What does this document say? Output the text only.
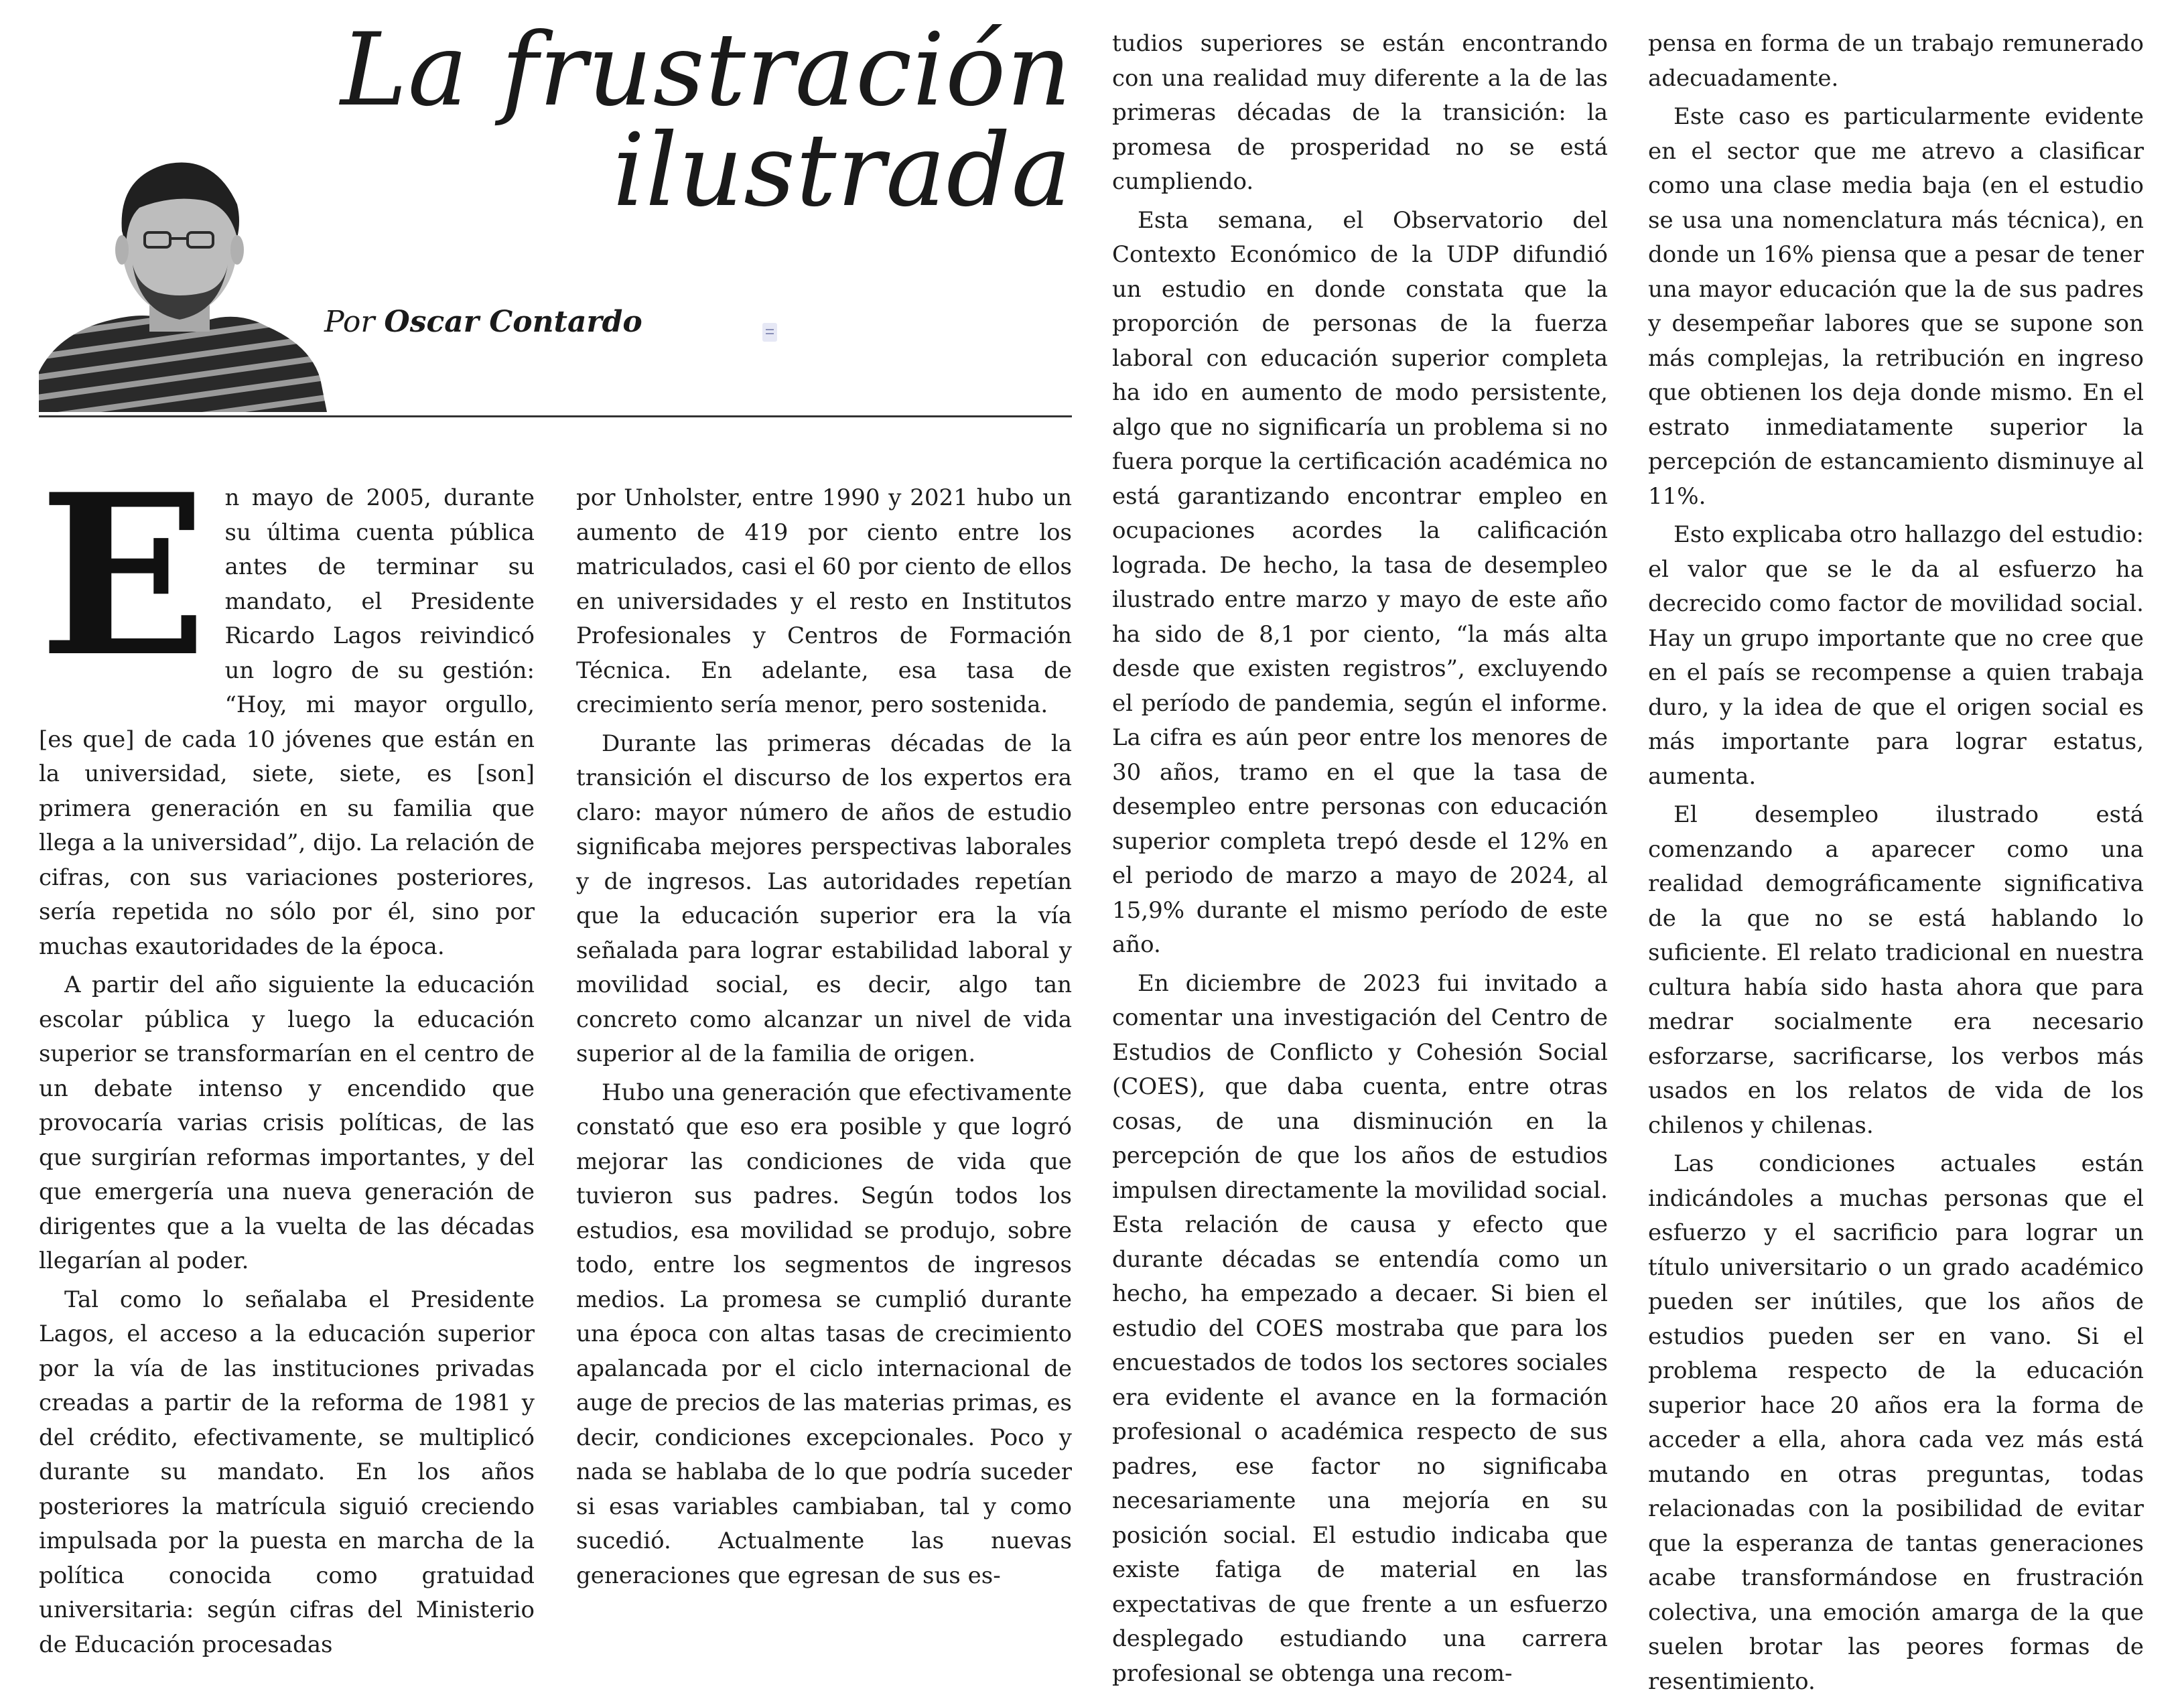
La frustración
ilustrada
Por Oscar Contardo
E n mayo de 2005, durante su última cuenta pública antes de terminar su mandato, el Presidente Ricardo Lagos reivindicó un logro de su gestión: “Hoy, mi mayor orgullo, [es que] de cada 10 jóvenes que están en la universidad, siete, siete, es [son] primera generación en su familia que llega a la universidad”, dijo. La relación de cifras, con sus variaciones posteriores, sería repetida no sólo por él, sino por muchas exautoridades de la época.

A partir del año siguiente la educación escolar pública y luego la educación superior se transformarían en el centro de un debate intenso y encendido que provocaría varias crisis políticas, de las que surgirían reformas importantes, y del que emergería una nueva generación de dirigentes que a la vuelta de las décadas llegarían al poder.

Tal como lo señalaba el Presidente Lagos, el acceso a la educación superior por la vía de las instituciones privadas creadas a partir de la reforma de 1981 y del crédito, efectivamente, se multiplicó durante su mandato. En los años posteriores la matrícula siguió creciendo impulsada por la puesta en marcha de la política conocida como gratuidad universitaria: según cifras del Ministerio de Educación procesadas

por Unholster, entre 1990 y 2021 hubo un aumento de 419 por ciento entre los matriculados, casi el 60 por ciento de ellos en universidades y el resto en Institutos Profesionales y Centros de Formación Técnica. En adelante, esa tasa de crecimiento sería menor, pero sostenida.

Durante las primeras décadas de la transición el discurso de los expertos era claro: mayor número de años de estudio significaba mejores perspectivas laborales y de ingresos. Las autoridades repetían que la educación superior era la vía señalada para lograr estabilidad laboral y movilidad social, es decir, algo tan concreto como alcanzar un nivel de vida superior al de la familia de origen.

Hubo una generación que efectivamente constató que eso era posible y que logró mejorar las condiciones de vida que tuvieron sus padres. Según todos los estudios, esa movilidad se produjo, sobre todo, entre los segmentos de ingresos medios. La promesa se cumplió durante una época con altas tasas de crecimiento apalancada por el ciclo internacional de auge de precios de las materias primas, es decir, condiciones excepcionales. Poco y nada se hablaba de lo que podría suceder si esas variables cambiaban, tal y como sucedió. Actualmente las nuevas generaciones que egresan de sus es-

tudios superiores se están encontrando con una realidad muy diferente a la de las primeras décadas de la transición: la promesa de prosperidad no se está cumpliendo.

Esta semana, el Observatorio del Contexto Económico de la UDP difundió un estudio en donde constata que la proporción de personas de la fuerza laboral con educación superior completa ha ido en aumento de modo persistente, algo que no significaría un problema si no fuera porque la certificación académica no está garantizando encontrar empleo en ocupaciones acordes la calificación lograda. De hecho, la tasa de desempleo ilustrado entre marzo y mayo de este año ha sido de 8,1 por ciento, “la más alta desde que existen registros”, excluyendo el período de pandemia, según el informe. La cifra es aún peor entre los menores de 30 años, tramo en el que la tasa de desempleo entre personas con educación superior completa trepó desde el 12% en el periodo de marzo a mayo de 2024, al 15,9% durante el mismo período de este año.

En diciembre de 2023 fui invitado a comentar una investigación del Centro de Estudios de Conflicto y Cohesión Social (COES), que daba cuenta, entre otras cosas, de una disminución en la percepción de que los años de estudios impulsen directamente la movilidad social. Esta relación de causa y efecto que durante décadas se entendía como un hecho, ha empezado a decaer. Si bien el estudio del COES mostraba que para los encuestados de todos los sectores sociales era evidente el avance en la formación profesional o académica respecto de sus padres, ese factor no significaba necesariamente una mejoría en su posición social. El estudio indicaba que existe fatiga de material en las expectativas de que frente a un esfuerzo desplegado estudiando una carrera profesional se obtenga una recom-

pensa en forma de un trabajo remunerado adecuadamente.

Este caso es particularmente evidente en el sector que me atrevo a clasificar como una clase media baja (en el estudio se usa una nomenclatura más técnica), en donde un 16% piensa que a pesar de tener una mayor educación que la de sus padres y desempeñar labores que se supone son más complejas, la retribución en ingreso que obtienen los deja donde mismo. En el estrato inmediatamente superior la percepción de estancamiento disminuye al 11%.

Esto explicaba otro hallazgo del estudio: el valor que se le da al esfuerzo ha decrecido como factor de movilidad social. Hay un grupo importante que no cree que en el país se recompense a quien trabaja duro, y la idea de que el origen social es más importante para lograr estatus, aumenta.

El desempleo ilustrado está comenzando a aparecer como una realidad demográficamente significativa de la que no se está hablando lo suficiente. El relato tradicional en nuestra cultura había sido hasta ahora que para medrar socialmente era necesario esforzarse, sacrificarse, los verbos más usados en los relatos de vida de los chilenos y chilenas.

Las condiciones actuales están indicándoles a muchas personas que el esfuerzo y el sacrificio para lograr un título universitario o un grado académico pueden ser inútiles, que los años de estudios pueden ser en vano. Si el problema respecto de la educación superior hace 20 años era la forma de acceder a ella, ahora cada vez más está mutando en otras preguntas, todas relacionadas con la posibilidad de evitar que la esperanza de tantas generaciones acabe transformándose en frustración colectiva, una emoción amarga de la que suelen brotar las peores formas de resentimiento.
